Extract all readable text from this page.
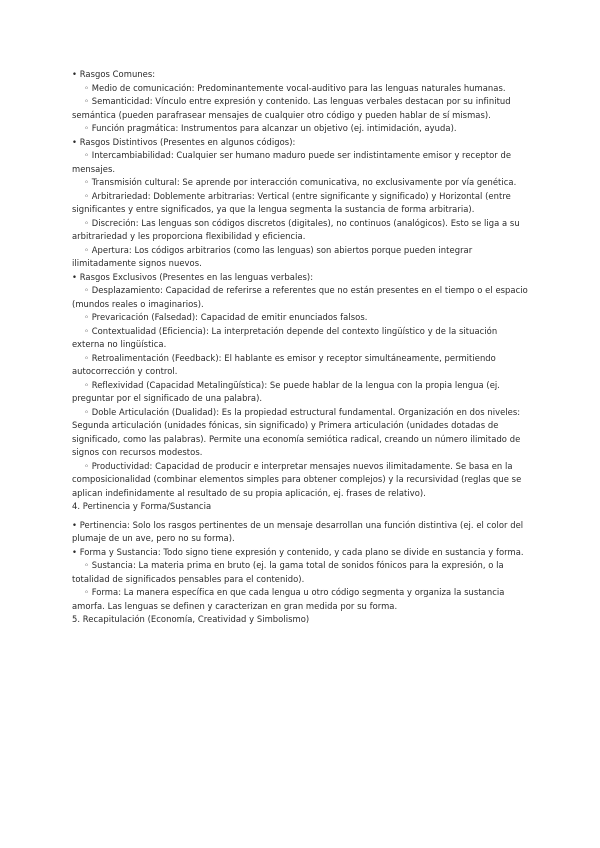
• Rasgos Comunes:

◦ Medio de comunicación: Predominantemente vocal-auditivo para las lenguas naturales humanas.

◦ Semanticidad: Vínculo entre expresión y contenido. Las lenguas verbales destacan por su infinitud semántica (pueden parafrasear mensajes de cualquier otro código y pueden hablar de sí mismas).

◦ Función pragmática: Instrumentos para alcanzar un objetivo (ej. intimidación, ayuda).

• Rasgos Distintivos (Presentes en algunos códigos):

◦ Intercambiabilidad: Cualquier ser humano maduro puede ser indistintamente emisor y receptor de mensajes.

◦ Transmisión cultural: Se aprende por interacción comunicativa, no exclusivamente por vía genética.

◦ Arbitrariedad: Doblemente arbitrarias: Vertical (entre significante y significado) y Horizontal (entre significantes y entre significados, ya que la lengua segmenta la sustancia de forma arbitraria).

◦ Discreción: Las lenguas son códigos discretos (digitales), no continuos (analógicos). Esto se liga a su arbitrariedad y les proporciona flexibilidad y eficiencia.

◦ Apertura: Los códigos arbitrarios (como las lenguas) son abiertos porque pueden integrar ilimitadamente signos nuevos.

• Rasgos Exclusivos (Presentes en las lenguas verbales):

◦ Desplazamiento: Capacidad de referirse a referentes que no están presentes en el tiempo o el espacio (mundos reales o imaginarios).

◦ Prevaricación (Falsedad): Capacidad de emitir enunciados falsos.

◦ Contextualidad (Eficiencia): La interpretación depende del contexto lingüístico y de la situación externa no lingüística.

◦ Retroalimentación (Feedback): El hablante es emisor y receptor simultáneamente, permitiendo autocorrección y control.

◦ Reflexividad (Capacidad Metalingüística): Se puede hablar de la lengua con la propia lengua (ej. preguntar por el significado de una palabra).

◦ Doble Articulación (Dualidad): Es la propiedad estructural fundamental. Organización en dos niveles: Segunda articulación (unidades fónicas, sin significado) y Primera articulación (unidades dotadas de significado, como las palabras). Permite una economía semiótica radical, creando un número ilimitado de signos con recursos modestos.

◦ Productividad: Capacidad de producir e interpretar mensajes nuevos ilimitadamente. Se basa en la composicionalidad (combinar elementos simples para obtener complejos) y la recursividad (reglas que se aplican indefinidamente al resultado de su propia aplicación, ej. frases de relativo).

4. Pertinencia y Forma/Sustancia

• Pertinencia: Solo los rasgos pertinentes de un mensaje desarrollan una función distintiva (ej. el color del plumaje de un ave, pero no su forma).

• Forma y Sustancia: Todo signo tiene expresión y contenido, y cada plano se divide en sustancia y forma.

◦ Sustancia: La materia prima en bruto (ej. la gama total de sonidos fónicos para la expresión, o la totalidad de significados pensables para el contenido).

◦ Forma: La manera específica en que cada lengua u otro código segmenta y organiza la sustancia amorfa. Las lenguas se definen y caracterizan en gran medida por su forma.

5. Recapitulación (Economía, Creatividad y Simbolismo)
